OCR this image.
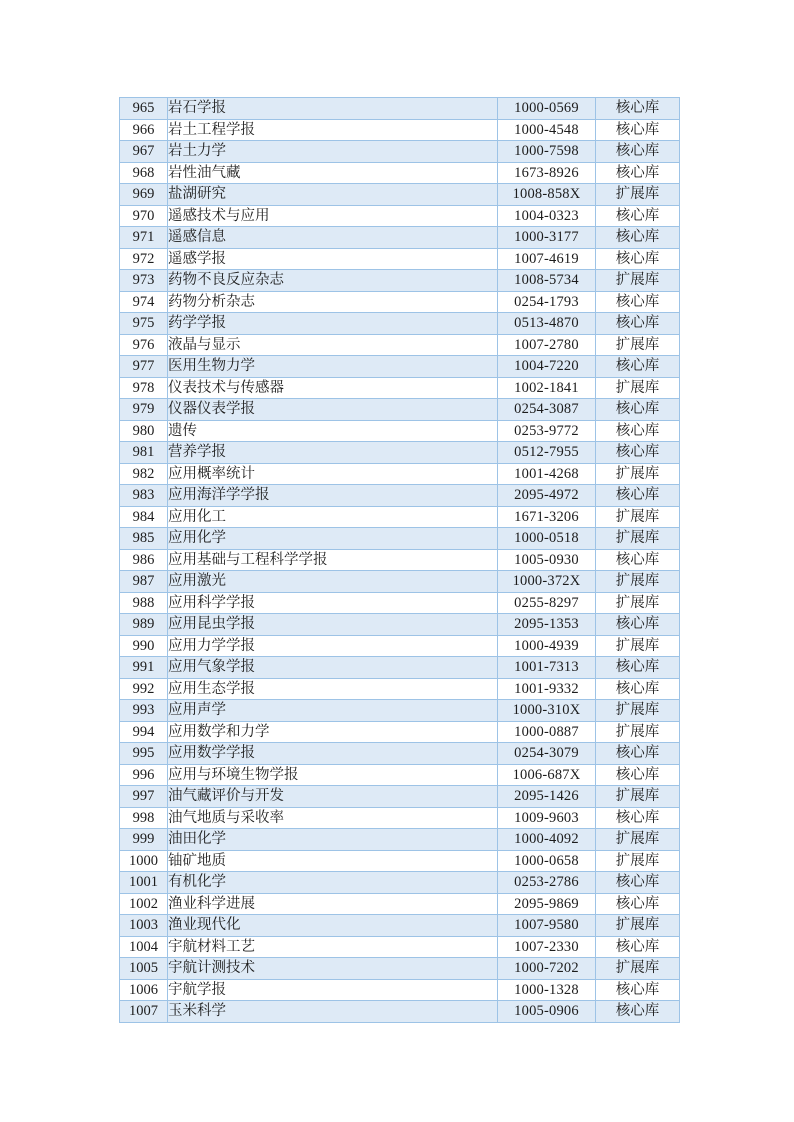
965	岩石学报	1000-0569	核心库
966	岩土工程学报	1000-4548	核心库
967	岩土力学	1000-7598	核心库
968	岩性油气藏	1673-8926	核心库
969	盐湖研究	1008-858X	扩展库
970	遥感技术与应用	1004-0323	核心库
971	遥感信息	1000-3177	核心库
972	遥感学报	1007-4619	核心库
973	药物不良反应杂志	1008-5734	扩展库
974	药物分析杂志	0254-1793	核心库
975	药学学报	0513-4870	核心库
976	液晶与显示	1007-2780	扩展库
977	医用生物力学	1004-7220	核心库
978	仪表技术与传感器	1002-1841	扩展库
979	仪器仪表学报	0254-3087	核心库
980	遗传	0253-9772	核心库
981	营养学报	0512-7955	核心库
982	应用概率统计	1001-4268	扩展库
983	应用海洋学学报	2095-4972	核心库
984	应用化工	1671-3206	扩展库
985	应用化学	1000-0518	扩展库
986	应用基础与工程科学学报	1005-0930	核心库
987	应用激光	1000-372X	扩展库
988	应用科学学报	0255-8297	扩展库
989	应用昆虫学报	2095-1353	核心库
990	应用力学学报	1000-4939	扩展库
991	应用气象学报	1001-7313	核心库
992	应用生态学报	1001-9332	核心库
993	应用声学	1000-310X	扩展库
994	应用数学和力学	1000-0887	扩展库
995	应用数学学报	0254-3079	核心库
996	应用与环境生物学报	1006-687X	核心库
997	油气藏评价与开发	2095-1426	扩展库
998	油气地质与采收率	1009-9603	核心库
999	油田化学	1000-4092	扩展库
1000	铀矿地质	1000-0658	扩展库
1001	有机化学	0253-2786	核心库
1002	渔业科学进展	2095-9869	核心库
1003	渔业现代化	1007-9580	扩展库
1004	宇航材料工艺	1007-2330	核心库
1005	宇航计测技术	1000-7202	扩展库
1006	宇航学报	1000-1328	核心库
1007	玉米科学	1005-0906	核心库
